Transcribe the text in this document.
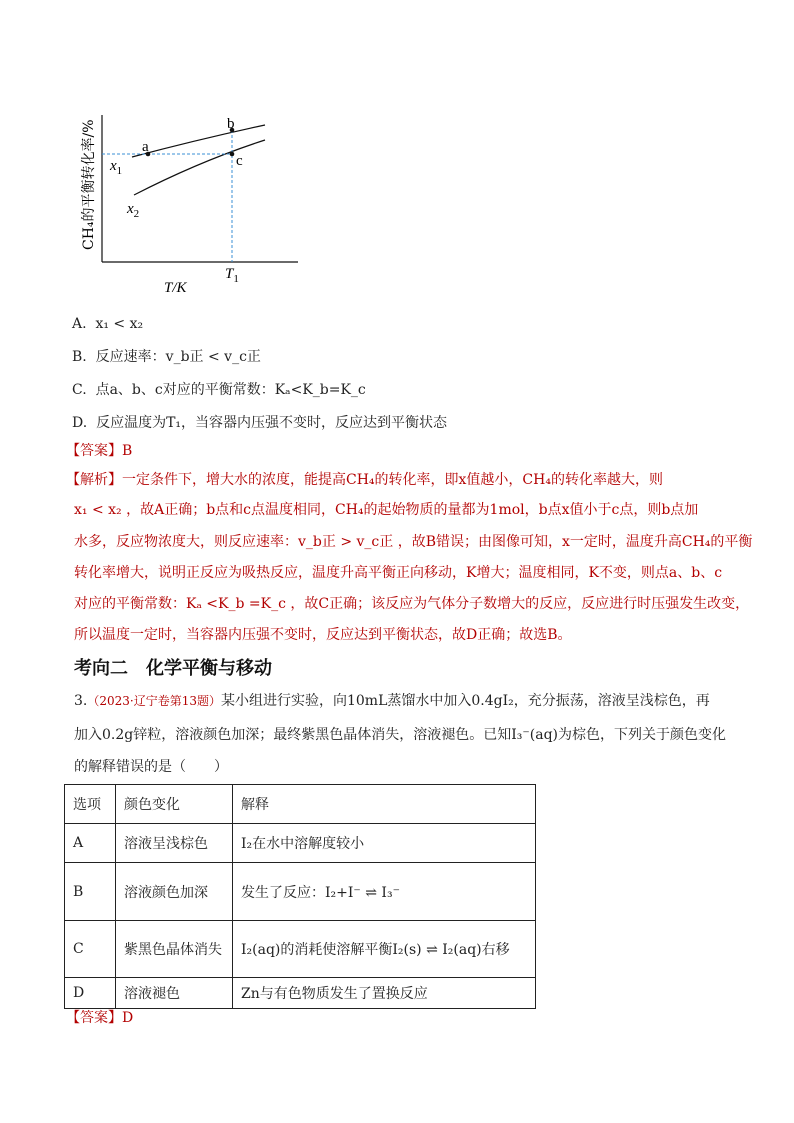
a
b
c
$x_1$
$x_2$
CH₄的平衡转化率/%
$T_1$
T/K
A. x₁ < x₂
B. 反应速率：v_b正 < v_c正
C. 点a、b、c对应的平衡常数：Kₐ<K_b=K_c
D. 反应温度为T₁，当容器内压强不变时，反应达到平衡状态
【答案】B
【解析】一定条件下，增大水的浓度，能提高CH₄的转化率，即x值越小，CH₄的转化率越大，则
x₁ < x₂ ，故A正确；b点和c点温度相同，CH₄的起始物质的量都为1mol，b点x值小于c点，则b点加
水多，反应物浓度大，则反应速率：v_b正 > v_c正 ，故B错误；由图像可知，x一定时，温度升高CH₄的平衡
转化率增大，说明正反应为吸热反应，温度升高平衡正向移动，K增大；温度相同，K不变，则点a、b、c
对应的平衡常数：Kₐ <K_b =K_c ，故C正确；该反应为气体分子数增大的反应，反应进行时压强发生改变，
所以温度一定时，当容器内压强不变时，反应达到平衡状态，故D正确；故选B。
考向二　化学平衡与移动
3.（2023·辽宁卷第13题）某小组进行实验，向10mL蒸馏水中加入0.4gI₂，充分振荡，溶液呈浅棕色，再
加入0.2g锌粒，溶液颜色加深；最终紫黑色晶体消失，溶液褪色。已知I₃⁻(aq)为棕色，下列关于颜色变化
的解释错误的是（　　）
选项	颜色变化	解释
A	溶液呈浅棕色	I₂在水中溶解度较小
B	溶液颜色加深	发生了反应：I₂+I⁻ ⇌ I₃⁻
C	紫黑色晶体消失	I₂(aq)的消耗使溶解平衡I₂(s) ⇌ I₂(aq)右移
D	溶液褪色	Zn与有色物质发生了置换反应
【答案】D
